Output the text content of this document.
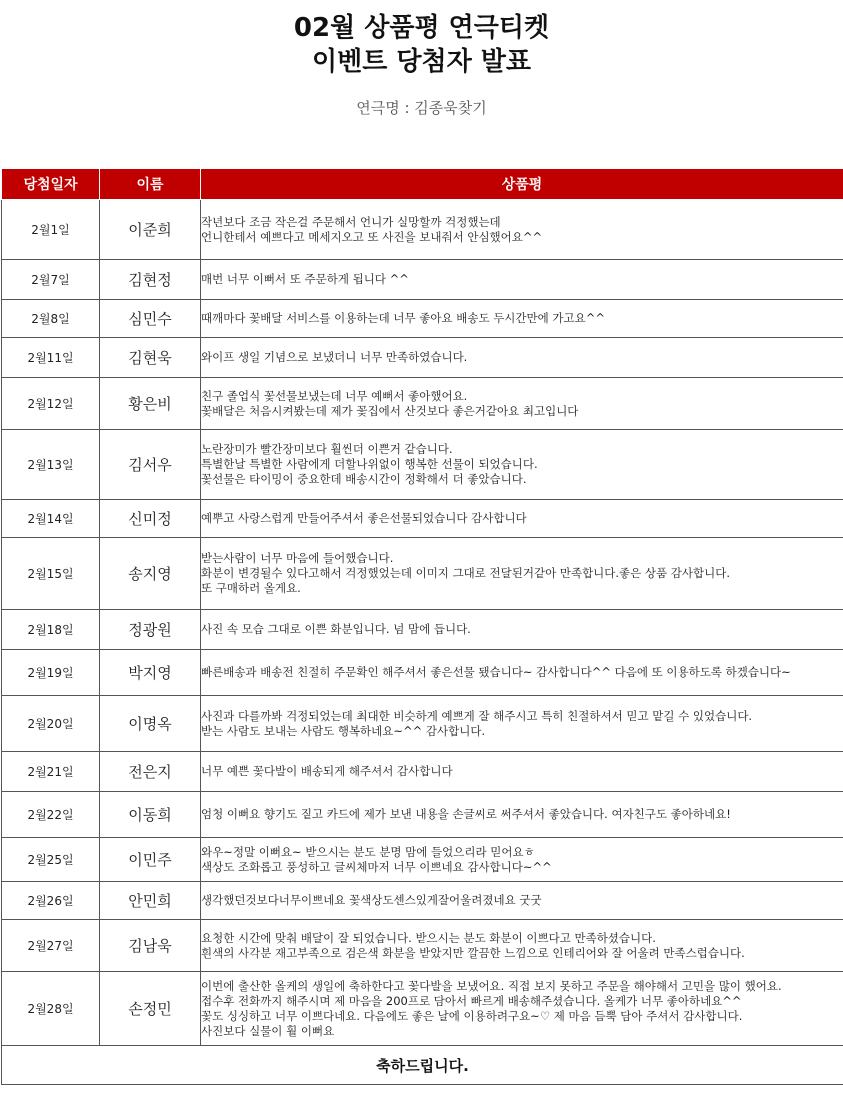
02월 상품평 연극티켓
이벤트 당첨자 발표
연극명 : 김종욱찾기
당첨일자	이름	상품평
2월1일	이준희	작년보다 조금 작은걸 주문해서 언니가 실망할까 걱정했는데
언니한테서 예쁘다고 메세지오고 또 사진을 보내줘서 안심했어요^^

2월7일	김현정	매번 너무 이뻐서 또 주문하게 됩니다 ^^

2월8일	심민수	때깨마다 꽃배달 서비스를 이용하는데 너무 좋아요 배송도 두시간만에 가고요^^

2월11일	김현욱	와이프 생일 기념으로 보냈더니 너무 만족하였습니다.

2월12일	황은비	친구 졸업식 꽃선물보냈는데 너무 예뻐서 좋아했어요.
꽃배달은 처음시켜봤는데 제가 꽃집에서 산것보다 좋은거같아요 최고입니다

2월13일	김서우	노란장미가 빨간장미보다 훨씬더 이쁜거 같습니다.
특별한날 특별한 사람에게 더할나위없이 행복한 선물이 되었습니다.
꽃선물은 타이밍이 중요한데 배송시간이 정확해서 더 좋았습니다.

2월14일	신미정	예뿌고 사랑스럽게 만들어주셔서 좋은선물되었습니다 감사합니다

2월15일	송지영	받는사람이 너무 마음에 들어했습니다.
화분이 변경될수 있다고해서 걱정했었는데 이미지 그대로 전달된거같아 만족합니다.좋은 상품 감사합니다.
또 구매하러 올게요.

2월18일	정광원	사진 속 모습 그대로 이쁜 화분입니다. 넘 맘에 듭니다.

2월19일	박지영	빠른배송과 배송전 친절히 주문확인 해주셔서 좋은선물 됐습니다~ 감사합니다^^ 다음에 또 이용하도록 하겠습니다~

2월20일	이명옥	사진과 다를까봐 걱정되었는데 최대한 비슷하게 예쁘게 잘 해주시고 특히 친절하셔서 믿고 맡길 수 있었습니다.
받는 사람도 보내는 사람도 행복하네요~^^ 감사합니다.

2월21일	전은지	너무 예쁜 꽃다발이 배송되게 해주셔서 감사합니다

2월22일	이동희	엄청 이뻐요 향기도 짙고 카드에 제가 보낸 내용을 손글씨로 써주셔서 좋았습니다. 여자친구도 좋아하네요!

2월25일	이민주	와우~정말 이뻐요~ 받으시는 분도 분명 맘에 들었으리라 믿어요ㅎ
색상도 조화롭고 풍성하고 글씨체마저 너무 이쁘네요 감사합니다~^^

2월26일	안민희	생각했던것보다너무이쁘네요 꽃색상도센스있게잘어울려졌네요 굿굿

2월27일	김남욱	요청한 시간에 맞춰 배달이 잘 되었습니다. 받으시는 분도 화분이 이쁘다고 만족하셨습니다.
흰색의 사각분 재고부족으로 검은색 화분을 받았지만 깔끔한 느낌으로 인테리어와 잘 어울려 만족스럽습니다.

2월28일	손정민	이번에 출산한 올케의 생일에 축하한다고 꽃다발을 보냈어요. 직접 보지 못하고 주문을 해야해서 고민을 많이 했어요.
접수후 전화까지 해주시며 제 마음을 200프로 담아서 빠르게 배송해주셨습니다. 올케가 너무 좋아하네요^^
꽃도 싱싱하고 너무 이쁘다네요. 다음에도 좋은 날에 이용하려구요~♡ 제 마음 듬뿍 담아 주셔서 감사합니다.
사진보다 실물이 훨 이뻐요

축하드립니다.		
